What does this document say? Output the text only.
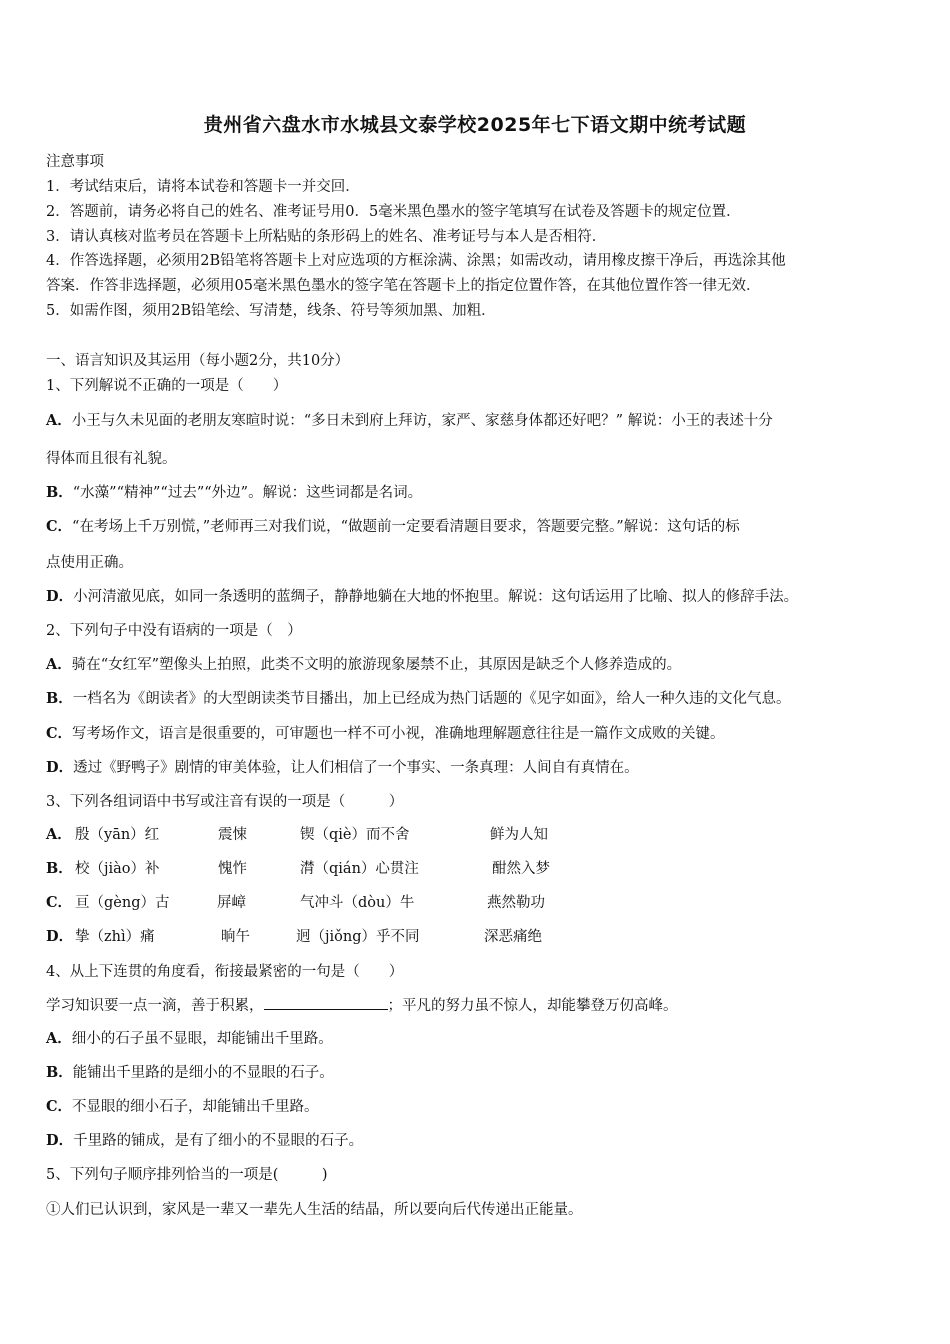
贵州省六盘水市水城县文泰学校2025年七下语文期中统考试题
注意事项
1．考试结束后，请将本试卷和答题卡一并交回．
2．答题前，请务必将自己的姓名、准考证号用0．5毫米黑色墨水的签字笔填写在试卷及答题卡的规定位置．
3．请认真核对监考员在答题卡上所粘贴的条形码上的姓名、准考证号与本人是否相符．
4．作答选择题，必须用2B铅笔将答题卡上对应选项的方框涂满、涂黑；如需改动，请用橡皮擦干净后，再选涂其他
答案．作答非选择题，必须用05毫米黑色墨水的签字笔在答题卡上的指定位置作答，在其他位置作答一律无效．
5．如需作图，须用2B铅笔绘、写清楚，线条、符号等须加黑、加粗．
一、语言知识及其运用（每小题2分，共10分）
1、下列解说不正确的一项是（　　）
A．小王与久未见面的老朋友寒暄时说：“多日未到府上拜访，家严、家慈身体都还好吧？” 解说：小王的表述十分
得体而且很有礼貌。
B．“水藻”“精神”“过去”“外边”。解说：这些词都是名词。
C．“在考场上千万别慌，”老师再三对我们说，“做题前一定要看清题目要求，答题要完整。”解说：这句话的标
点使用正确。
D．小河清澈见底，如同一条透明的蓝绸子，静静地躺在大地的怀抱里。解说：这句话运用了比喻、拟人的修辞手法。
2、下列句子中没有语病的一项是（　）
A．骑在“女红军”塑像头上拍照，此类不文明的旅游现象屡禁不止，其原因是缺乏个人修养造成的。
B．一档名为《朗读者》的大型朗读类节目播出，加上已经成为热门话题的《见字如面》，给人一种久违的文化气息。
C．写考场作文，语言是很重要的，可审题也一样不可小视，准确地理解题意往往是一篇作文成败的关键。
D．透过《野鸭子》剧情的审美体验，让人们相信了一个事实、一条真理：人间自有真情在。
3、下列各组词语中书写或注音有误的一项是（　　　）
A． 殷（yān）红	震悚	锲（qiè）而不舍	鲜为人知
B． 校（jiào）补	愧怍	潸（qián）心贯注	酣然入梦
C． 亘（gèng）古	屏嶂	气冲斗（dòu）牛	燕然勒功
D． 挚（zhì）痛	晌午	迥（jiǒng）乎不同	深恶痛绝
4、从上下连贯的角度看，衔接最紧密的一句是（　　）
学习知识要一点一滴，善于积累，	；平凡的努力虽不惊人，却能攀登万仞高峰。
A．细小的石子虽不显眼，却能铺出千里路。
B．能铺出千里路的是细小的不显眼的石子。
C．不显眼的细小石子，却能铺出千里路。
D．千里路的铺成，是有了细小的不显眼的石子。
5、下列句子顺序排列恰当的一项是(　　　)
①人们已认识到，家风是一辈又一辈先人生活的结晶，所以要向后代传递出正能量。
